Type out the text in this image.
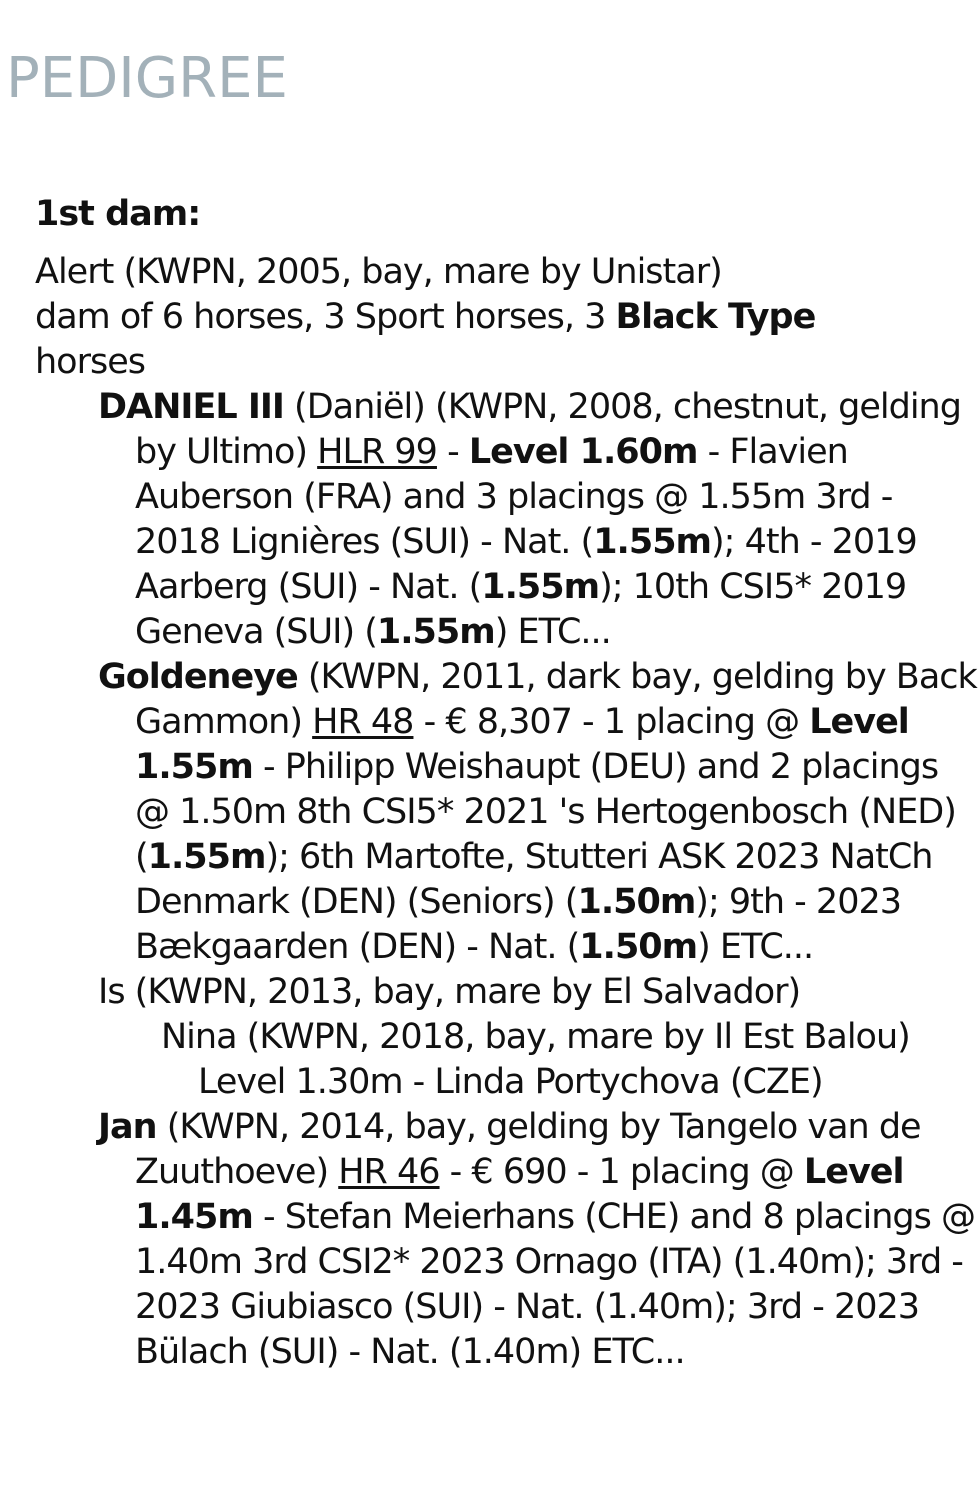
PEDIGREE

1st dam:

Alert (KWPN, 2005, bay, mare by Unistar)

dam of 6 horses, 3 Sport horses, 3 Black Type
horses

DANIEL III (Daniël) (KWPN, 2008, chestnut, gelding by Ultimo) HLR 99 - Level 1.60m - Flavien Auberson (FRA) and 3 placings @ 1.55m 3rd - 2018 Lignières (SUI) - Nat. (1.55m); 4th - 2019 Aarberg (SUI) - Nat. (1.55m); 10th CSI5* 2019 Geneva (SUI) (1.55m) ETC...

Goldeneye (KWPN, 2011, dark bay, gelding by Back Gammon) HR 48 - € 8,307 - 1 placing @ Level 1.55m - Philipp Weishaupt (DEU) and 2 placings @ 1.50m 8th CSI5* 2021 's Hertogenbosch (NED) (1.55m); 6th Martofte, Stutteri ASK 2023 NatCh Denmark (DEN) (Seniors) (1.50m); 9th - 2023 Bækgaarden (DEN) - Nat. (1.50m) ETC...

Is (KWPN, 2013, bay, mare by El Salvador)

Nina (KWPN, 2018, bay, mare by Il Est Balou)

Level 1.30m - Linda Portychova (CZE)

Jan (KWPN, 2014, bay, gelding by Tangelo van de Zuuthoeve) HR 46 - € 690 - 1 placing @ Level 1.45m - Stefan Meierhans (CHE) and 8 placings @ 1.40m 3rd CSI2* 2023 Ornago (ITA) (1.40m); 3rd - 2023 Giubiasco (SUI) - Nat. (1.40m); 3rd - 2023 Bülach (SUI) - Nat. (1.40m) ETC...
